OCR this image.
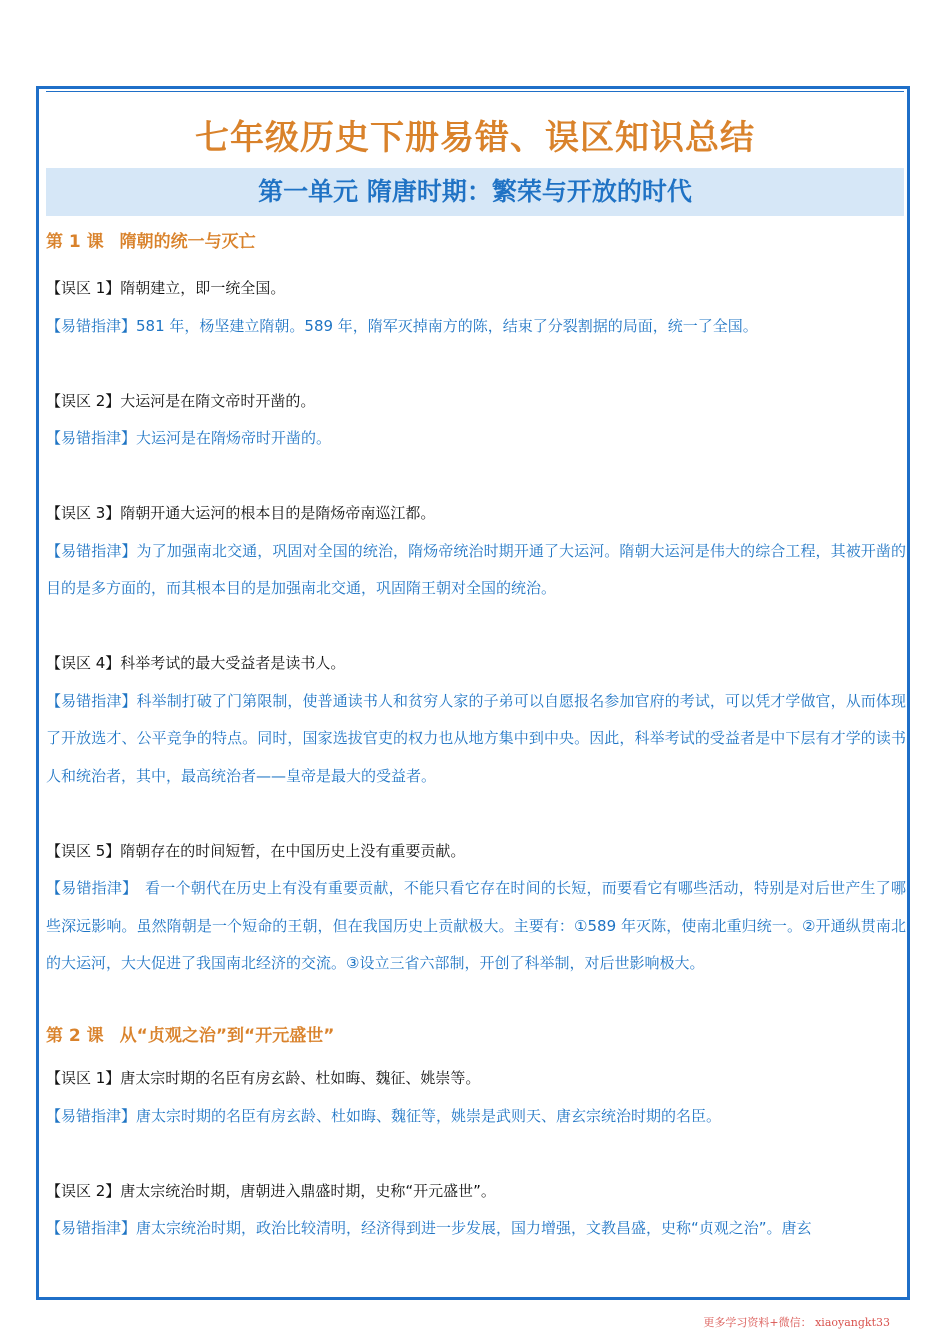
七年级历史下册易错、误区知识总结
第一单元 隋唐时期：繁荣与开放的时代

第 1 课 隋朝的统一与灭亡

【误区 1】隋朝建立，即一统全国。

【易错指津】581 年，杨坚建立隋朝。589 年，隋军灭掉南方的陈，结束了分裂割据的局面，统一了全国。

【误区 2】大运河是在隋文帝时开凿的。

【易错指津】大运河是在隋炀帝时开凿的。

【误区 3】隋朝开通大运河的根本目的是隋炀帝南巡江都。

【易错指津】为了加强南北交通，巩固对全国的统治，隋炀帝统治时期开通了大运河。隋朝大运河是伟大的综合工程，其被开凿的目的是多方面的，而其根本目的是加强南北交通，巩固隋王朝对全国的统治。

【误区 4】科举考试的最大受益者是读书人。

【易错指津】科举制打破了门第限制，使普通读书人和贫穷人家的子弟可以自愿报名参加官府的考试，可以凭才学做官，从而体现了开放选才、公平竞争的特点。同时，国家选拔官吏的权力也从地方集中到中央。因此，科举考试的受益者是中下层有才学的读书人和统治者，其中，最高统治者——皇帝是最大的受益者。

【误区 5】隋朝存在的时间短暂，在中国历史上没有重要贡献。

【易错指津】　看一个朝代在历史上有没有重要贡献，不能只看它存在时间的长短，而要看它有哪些活动，特别是对后世产生了哪些深远影响。虽然隋朝是一个短命的王朝，但在我国历史上贡献极大。主要有：①589 年灭陈，使南北重归统一。②开通纵贯南北的大运河，大大促进了我国南北经济的交流。③设立三省六部制，开创了科举制，对后世影响极大。

第 2 课 从“贞观之治”到“开元盛世”

【误区 1】唐太宗时期的名臣有房玄龄、杜如晦、魏征、姚崇等。

【易错指津】唐太宗时期的名臣有房玄龄、杜如晦、魏征等，姚崇是武则天、唐玄宗统治时期的名臣。

【误区 2】唐太宗统治时期，唐朝进入鼎盛时期，史称“开元盛世”。

【易错指津】唐太宗统治时期，政治比较清明，经济得到进一步发展，国力增强，文教昌盛，史称“贞观之治”。唐玄

更多学习资料+微信： xiaoyangkt33
